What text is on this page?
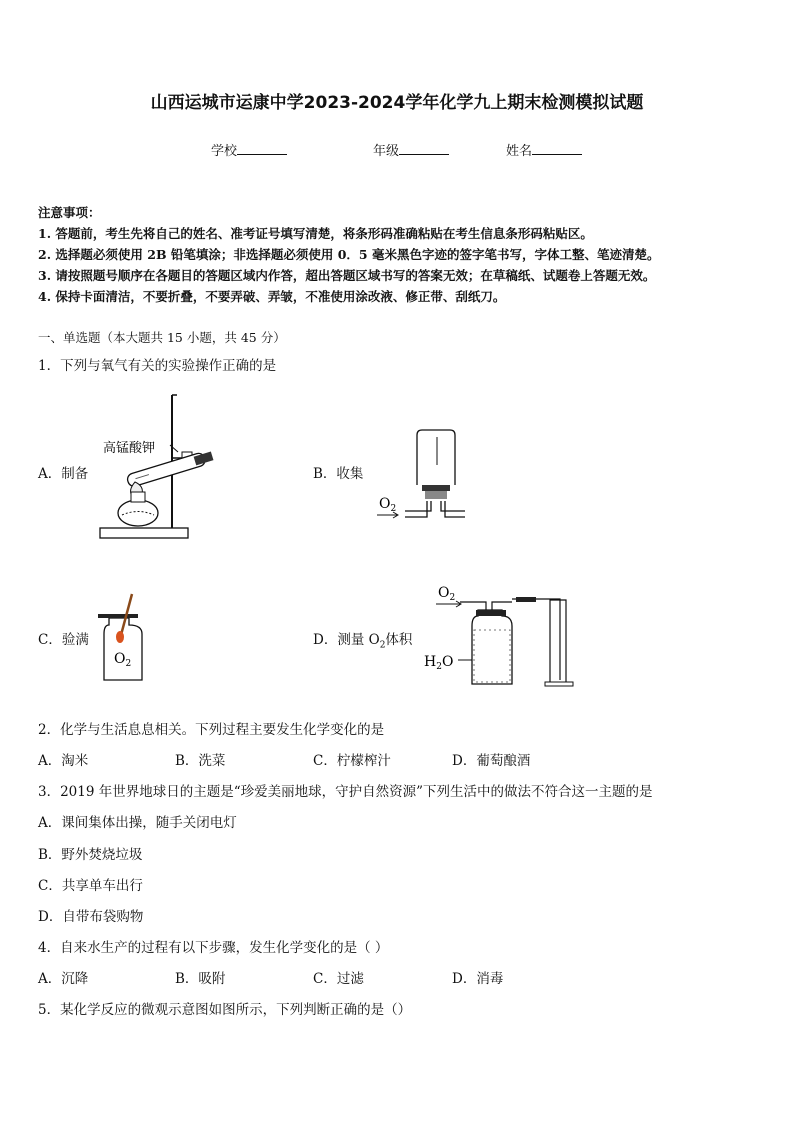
山西运城市运康中学2023-2024学年化学九上期末检测模拟试题
学校	年级	姓名
注意事项：
1. 答题前，考生先将自己的姓名、准考证号填写清楚，将条形码准确粘贴在考生信息条形码粘贴区。
2. 选择题必须使用 2B 铅笔填涂；非选择题必须使用 0．5 毫米黑色字迹的签字笔书写，字体工整、笔迹清楚。
3. 请按照题号顺序在各题目的答题区域内作答，超出答题区域书写的答案无效；在草稿纸、试题卷上答题无效。
4. 保持卡面清洁，不要折叠，不要弄破、弄皱，不准使用涂改液、修正带、刮纸刀。
一、单选题（本大题共 15 小题，共 45 分）
1．下列与氧气有关的实验操作正确的是
A．制备
高锰酸钾
B．收集
$O_2$
C．验满
$O_2$
D．测量 $O_2$体积
$O_2$
$H_2O$
2．化学与生活息息相关。下列过程主要发生化学变化的是
A．淘米	B．洗菜	C．柠檬榨汁	D．葡萄酿酒
3．2019 年世界地球日的主题是“珍爱美丽地球，守护自然资源”下列生活中的做法不符合这一主题的是
A．课间集体出操，随手关闭电灯
B．野外焚烧垃圾
C．共享单车出行
D．自带布袋购物
4．自来水生产的过程有以下步骤，发生化学变化的是（ ）
A．沉降	B．吸附	C．过滤	D．消毒
5．某化学反应的微观示意图如图所示，下列判断正确的是（）
